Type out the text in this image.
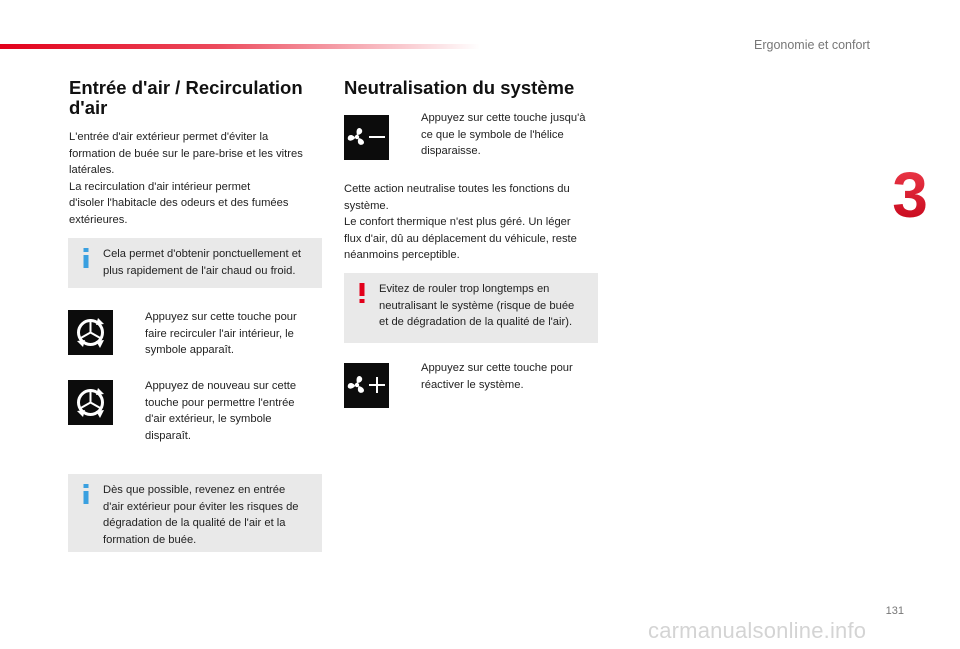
Ergonomie et confort
3
Entrée d'air / Recirculation d'air
L'entrée d'air extérieur permet d'éviter la
formation de buée sur le pare-brise et les vitres
latérales.
La recirculation d'air intérieur permet
d'isoler l'habitacle des odeurs et des fumées
extérieures.
Cela permet d'obtenir ponctuellement et
plus rapidement de l'air chaud ou froid.
Appuyez sur cette touche pour
faire recirculer l'air intérieur, le
symbole apparaît.
Appuyez de nouveau sur cette
touche pour permettre l'entrée
d'air extérieur, le symbole
disparaît.
Dès que possible, revenez en entrée
d'air extérieur pour éviter les risques de
dégradation de la qualité de l'air et la
formation de buée.
Neutralisation du système
Appuyez sur cette touche jusqu'à
ce que le symbole de l'hélice
disparaisse.
Cette action neutralise toutes les fonctions du
système.
Le confort thermique n'est plus géré. Un léger
flux d'air, dû au déplacement du véhicule, reste
néanmoins perceptible.
Evitez de rouler trop longtemps en
neutralisant le système (risque de buée
et de dégradation de la qualité de l'air).
Appuyez sur cette touche pour
réactiver le système.
131
carmanualsonline.info
